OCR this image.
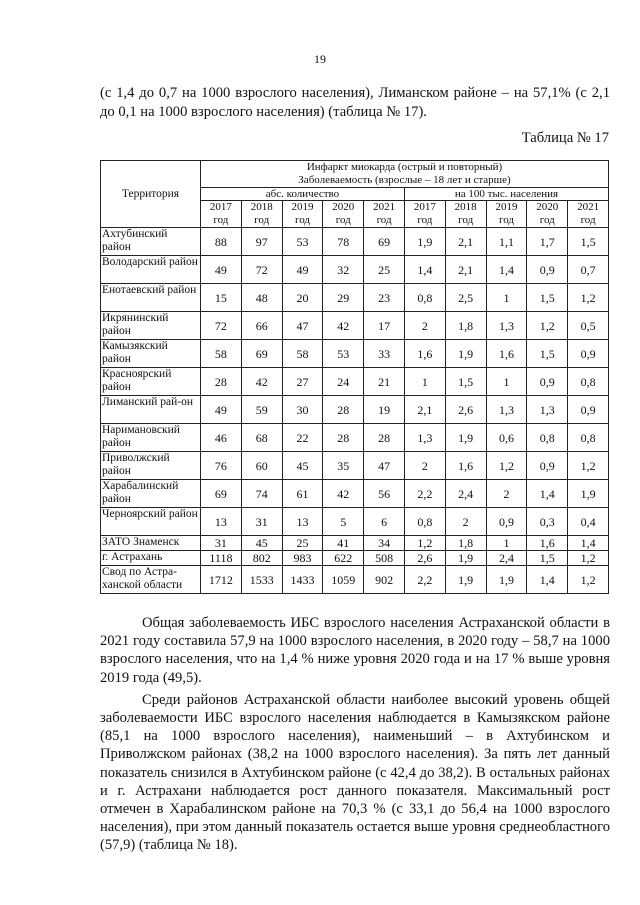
19
(с 1,4 до 0,7 на 1000 взрослого населения), Лиманском районе – на 57,1% (с 2,1 до 0,1 на 1000 взрослого населения) (таблица № 17).
Таблица № 17
Территория	Инфаркт миокарда (острый и повторный)
Заболеваемость (взрослые – 18 лет и старше)									

	абс. количество					на 100 тыс. населения				
	2017 год	2018 год	2019 год	2020 год	2021 год	2017 год	2018 год	2019 год	2020 год	2021 год
Ахтубинский район	88	97	53	78	69	1,9	2,1	1,1	1,7	1,5
Володарский район	49	72	49	32	25	1,4	2,1	1,4	0,9	0,7
Енотаевский район	15	48	20	29	23	0,8	2,5	1	1,5	1,2
Икрянинский район	72	66	47	42	17	2	1,8	1,3	1,2	0,5
Камызякский район	58	69	58	53	33	1,6	1,9	1,6	1,5	0,9
Красноярский район	28	42	27	24	21	1	1,5	1	0,9	0,8
Лиманский рай-он	49	59	30	28	19	2,1	2,6	1,3	1,3	0,9
Наримановский район	46	68	22	28	28	1,3	1,9	0,6	0,8	0,8
Приволжский район	76	60	45	35	47	2	1,6	1,2	0,9	1,2
Харабалинский район	69	74	61	42	56	2,2	2,4	2	1,4	1,9
Черноярский район	13	31	13	5	6	0,8	2	0,9	0,3	0,4
ЗАТО Знаменск	31	45	25	41	34	1,2	1,8	1	1,6	1,4
г. Астрахань	1118	802	983	622	508	2,6	1,9	2,4	1,5	1,2
Свод по Астра-ханской области	1712	1533	1433	1059	902	2,2	1,9	1,9	1,4	1,2

Общая заболеваемость ИБС взрослого населения Астраханской области в 2021 году составила 57,9 на 1000 взрослого населения, в 2020 году – 58,7 на 1000 взрослого населения, что на 1,4 % ниже уровня 2020 года и на 17 % выше уровня 2019 года (49,5).

Среди районов Астраханской области наиболее высокий уровень общей заболеваемости ИБС взрослого населения наблюдается в Камызякском районе (85,1 на 1000 взрослого населения), наименьший – в Ахтубинском и Приволжском районах (38,2 на 1000 взрослого населения). За пять лет данный показатель снизился в Ахтубинском районе (с 42,4 до 38,2). В остальных районах и г. Астрахани наблюдается рост данного показателя. Максимальный рост отмечен в Харабалинском районе на 70,3 % (с 33,1 до 56,4 на 1000 взрослого населения), при этом данный показатель остается выше уровня среднеобластного (57,9) (таблица № 18).
